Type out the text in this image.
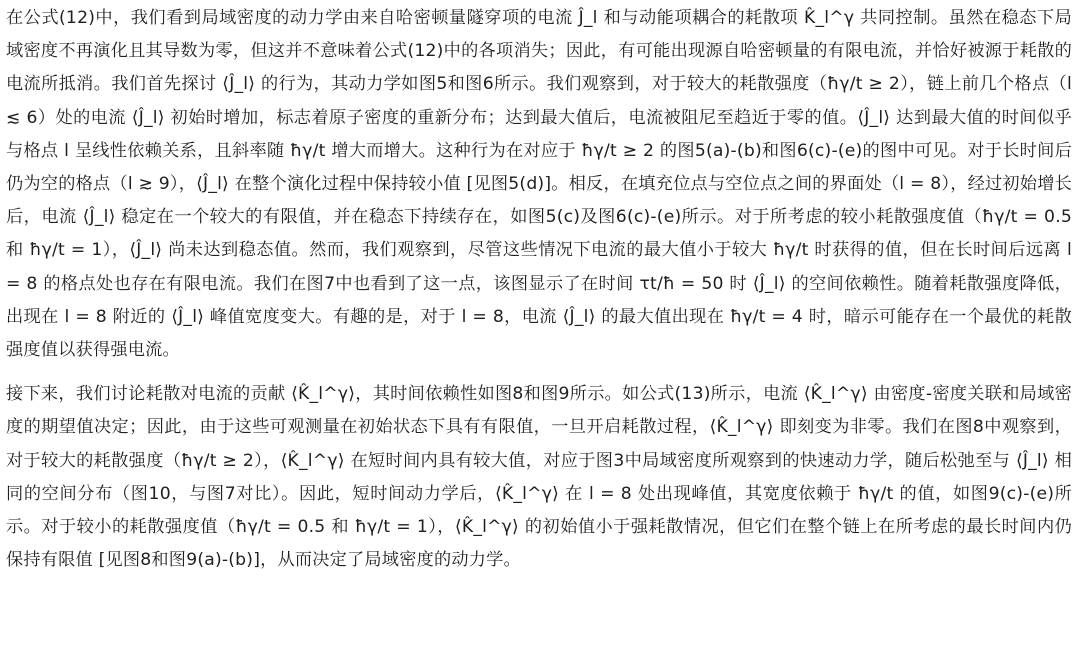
在公式(12)中，我们看到局域密度的动力学由来自哈密顿量隧穿项的电流 Ĵ_l 和与动能项耦合的耗散项 K̂_l^γ 共同控制。虽然在稳态下局域密度不再演化且其导数为零，但这并不意味着公式(12)中的各项消失；因此，有可能出现源自哈密顿量的有限电流，并恰好被源于耗散的电流所抵消。我们首先探讨 ⟨Ĵ_l⟩ 的行为，其动力学如图5和图6所示。我们观察到，对于较大的耗散强度（ħγ/t ≥ 2），链上前几个格点（l ≲ 6）处的电流 ⟨Ĵ_l⟩ 初始时增加，标志着原子密度的重新分布；达到最大值后，电流被阻尼至趋近于零的值。⟨Ĵ_l⟩ 达到最大值的时间似乎与格点 l 呈线性依赖关系，且斜率随 ħγ/t 增大而增大。这种行为在对应于 ħγ/t ≥ 2 的图5(a)-(b)和图6(c)-(e)的图中可见。对于长时间后仍为空的格点（l ≳ 9），⟨Ĵ_l⟩ 在整个演化过程中保持较小值 [见图5(d)]。相反，在填充位点与空位点之间的界面处（l = 8），经过初始增长后，电流 ⟨Ĵ_l⟩ 稳定在一个较大的有限值，并在稳态下持续存在，如图5(c)及图6(c)-(e)所示。对于所考虑的较小耗散强度值（ħγ/t = 0.5 和 ħγ/t = 1），⟨Ĵ_l⟩ 尚未达到稳态值。然而，我们观察到，尽管这些情况下电流的最大值小于较大 ħγ/t 时获得的值，但在长时间后远离 l = 8 的格点处也存在有限电流。我们在图7中也看到了这一点，该图显示了在时间 τt/ħ = 50 时 ⟨Ĵ_l⟩ 的空间依赖性。随着耗散强度降低，出现在 l = 8 附近的 ⟨Ĵ_l⟩ 峰值宽度变大。有趣的是，对于 l = 8，电流 ⟨Ĵ_l⟩ 的最大值出现在 ħγ/t = 4 时，暗示可能存在一个最优的耗散强度值以获得强电流。

接下来，我们讨论耗散对电流的贡献 ⟨K̂_l^γ⟩，其时间依赖性如图8和图9所示。如公式(13)所示，电流 ⟨K̂_l^γ⟩ 由密度-密度关联和局域密度的期望值决定；因此，由于这些可观测量在初始状态下具有有限值，一旦开启耗散过程，⟨K̂_l^γ⟩ 即刻变为非零。我们在图8中观察到，对于较大的耗散强度（ħγ/t ≥ 2），⟨K̂_l^γ⟩ 在短时间内具有较大值，对应于图3中局域密度所观察到的快速动力学，随后松弛至与 ⟨Ĵ_l⟩ 相同的空间分布（图10，与图7对比）。因此，短时间动力学后，⟨K̂_l^γ⟩ 在 l = 8 处出现峰值，其宽度依赖于 ħγ/t 的值，如图9(c)-(e)所示。对于较小的耗散强度值（ħγ/t = 0.5 和 ħγ/t = 1），⟨K̂_l^γ⟩ 的初始值小于强耗散情况，但它们在整个链上在所考虑的最长时间内仍保持有限值 [见图8和图9(a)-(b)]，从而决定了局域密度的动力学。
